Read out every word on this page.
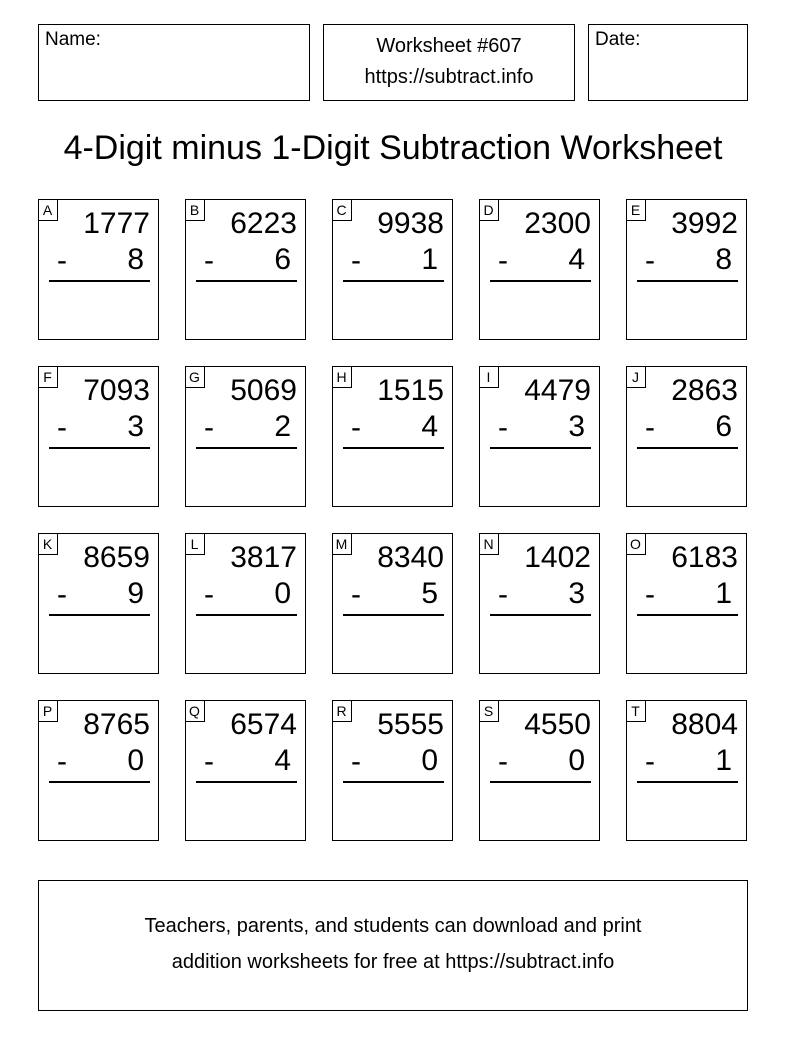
Name:	Worksheet #607
https://subtract.info
Date:
4-Digit minus 1-Digit Subtraction Worksheet
A 1777
- 8
B 6223
- 6
C 9938
- 1
D 2300
- 4
E 3992
- 8
F 7093
- 3
G 5069
- 2
H 1515
- 4
I 4479
- 3
J 2863
- 6
K 8659
- 9
L 3817
- 0
M 8340
- 5
N 1402
- 3
O 6183
- 1
P 8765
- 0
Q 6574
- 4
R 5555
- 0
S 4550
- 0
T 8804
- 1
Teachers, parents, and students can download and print
addition worksheets for free at https://subtract.info
